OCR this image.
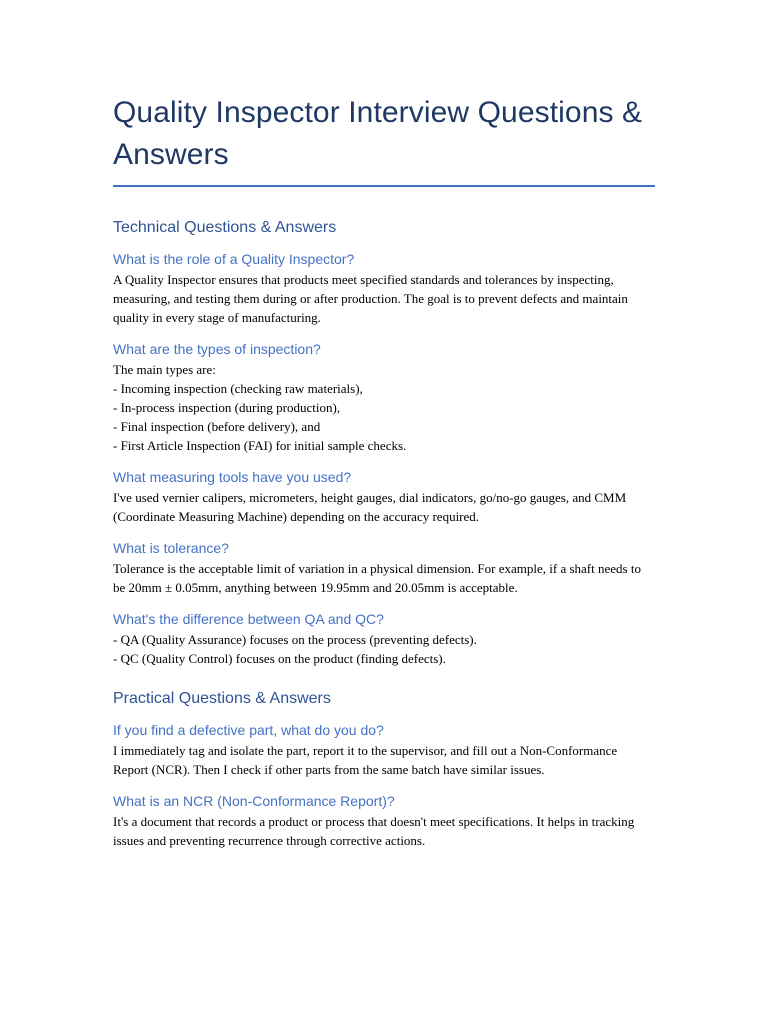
Quality Inspector Interview Questions & Answers
Technical Questions & Answers
What is the role of a Quality Inspector?

A Quality Inspector ensures that products meet specified standards and tolerances by inspecting, measuring, and testing them during or after production. The goal is to prevent defects and maintain quality in every stage of manufacturing.

What are the types of inspection?

The main types are:
- Incoming inspection (checking raw materials),
- In-process inspection (during production),
- Final inspection (before delivery), and
- First Article Inspection (FAI) for initial sample checks.

What measuring tools have you used?

I've used vernier calipers, micrometers, height gauges, dial indicators, go/no-go gauges, and CMM (Coordinate Measuring Machine) depending on the accuracy required.

What is tolerance?

Tolerance is the acceptable limit of variation in a physical dimension. For example, if a shaft needs to be 20mm ± 0.05mm, anything between 19.95mm and 20.05mm is acceptable.

What's the difference between QA and QC?

- QA (Quality Assurance) focuses on the process (preventing defects).
- QC (Quality Control) focuses on the product (finding defects).

Practical Questions & Answers
If you find a defective part, what do you do?

I immediately tag and isolate the part, report it to the supervisor, and fill out a Non-Conformance Report (NCR). Then I check if other parts from the same batch have similar issues.

What is an NCR (Non-Conformance Report)?

It's a document that records a product or process that doesn't meet specifications. It helps in tracking issues and preventing recurrence through corrective actions.
